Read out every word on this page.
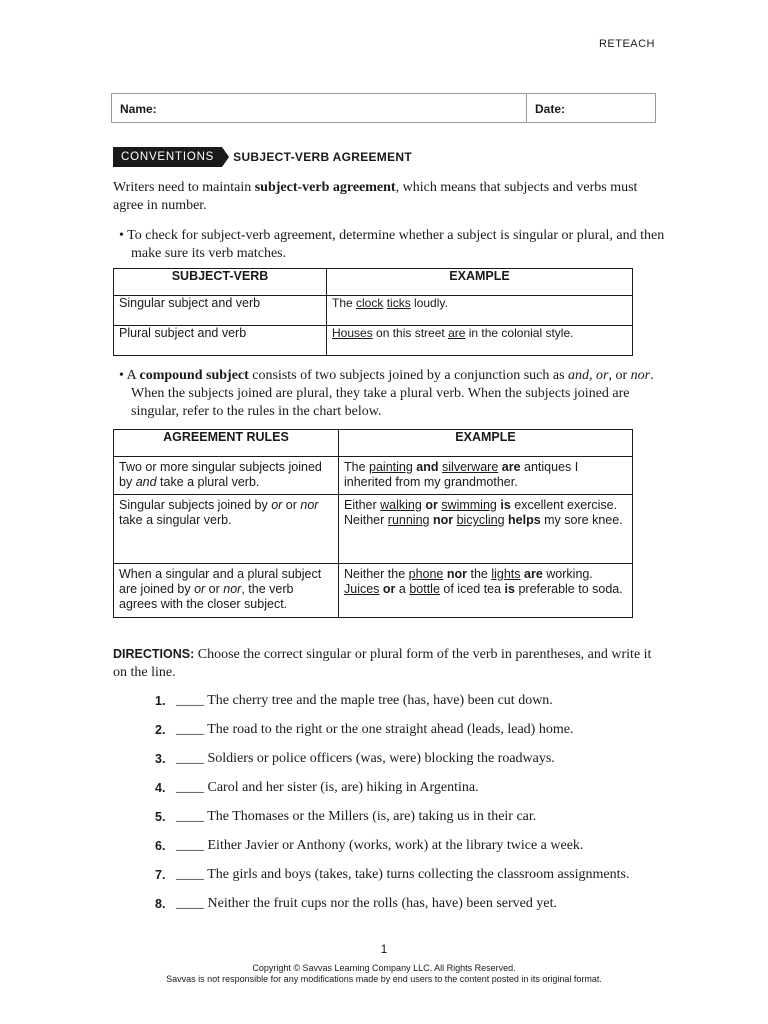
RETEACH
Name:	Date:
CONVENTIONS	SUBJECT-VERB AGREEMENT
Writers need to maintain subject-verb agreement, which means that subjects and verbs must agree in number.
• To check for subject-verb agreement, determine whether a subject is singular or plural, and then make sure its verb matches.
SUBJECT-VERB	EXAMPLE
Singular subject and verb	The clock ticks loudly.
Plural subject and verb	Houses on this street are in the colonial style.
• A compound subject consists of two subjects joined by a conjunction such as and, or, or nor. When the subjects joined are plural, they take a plural verb. When the subjects joined are singular, refer to the rules in the chart below.
AGREEMENT RULES	EXAMPLE
Two or more singular subjects joined by and take a plural verb.	The painting and silverware are antiques I inherited from my grandmother.
Singular subjects joined by or or nor take a singular verb.	Either walking or swimming is excellent exercise.
Neither running nor bicycling helps my sore knee.

When a singular and a plural subject are joined by or or nor, the verb agrees with the closer subject.	Neither the phone nor the lights are working.
Juices or a bottle of iced tea is preferable to soda.
DIRECTIONS: Choose the correct singular or plural form of the verb in parentheses, and write it on the line.
1. ____ The cherry tree and the maple tree (has, have) been cut down.
2. ____ The road to the right or the one straight ahead (leads, lead) home.
3. ____ Soldiers or police officers (was, were) blocking the roadways.
4. ____ Carol and her sister (is, are) hiking in Argentina.
5. ____ The Thomases or the Millers (is, are) taking us in their car.
6. ____ Either Javier or Anthony (works, work) at the library twice a week.
7. ____ The girls and boys (takes, take) turns collecting the classroom assignments.
8. ____ Neither the fruit cups nor the rolls (has, have) been served yet.
1
Copyright © Savvas Learning Company LLC. All Rights Reserved.
Savvas is not responsible for any modifications made by end users to the content posted in its original format.
